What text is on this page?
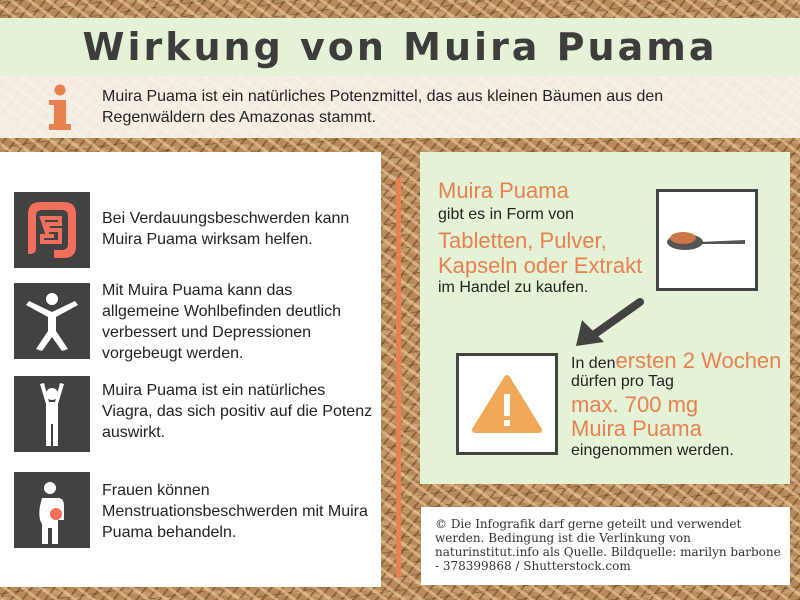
Wirkung von Muira Puama
Muira Puama ist ein natürliches Potenzmittel, das aus kleinen Bäumen aus den Regenwäldern des Amazonas stammt.
Bei Verdauungsbeschwerden kann Muira Puama wirksam helfen.
Mit Muira Puama kann das allgemeine Wohlbefinden deutlich verbessert und Depressionen vorgebeugt werden.
Muira Puama ist ein natürliches Viagra, das sich positiv auf die Potenz auswirkt.
Frauen können Menstruationsbeschwerden mit Muira Puama behandeln.
Muira Puama
gibt es in Form von
Tabletten, Pulver,
Kapseln oder Extrakt
im Handel zu kaufen.
In denersten 2 Wochen
dürfen pro Tag
max. 700 mg
Muira Puama
eingenommen werden.
© Die Infografik darf gerne geteilt und verwendet werden. Bedingung ist die Verlinkung von naturinstitut.info als Quelle. Bildquelle: marilyn barbone - 378399868 / Shutterstock.com
